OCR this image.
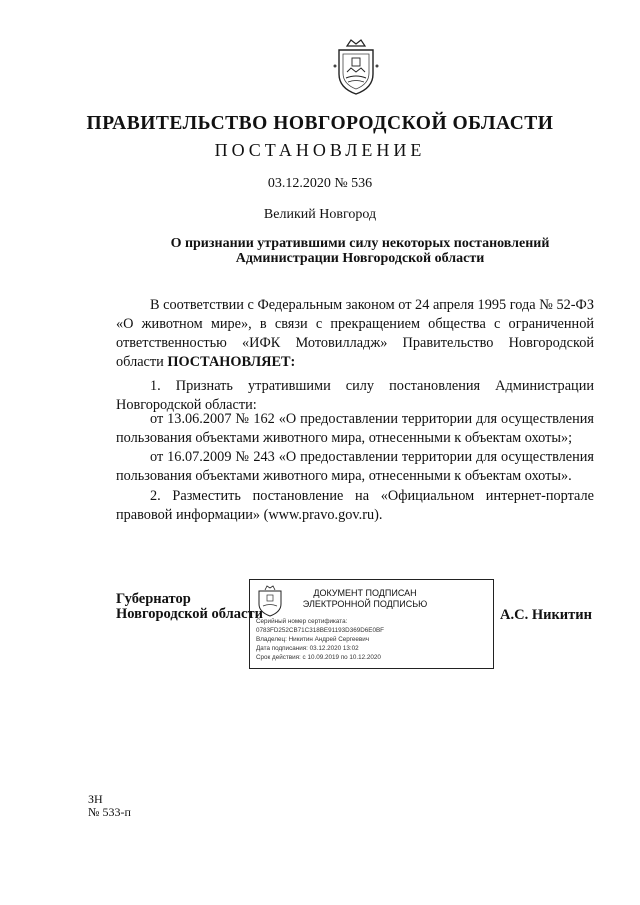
ПРАВИТЕЛЬСТВО НОВГОРОДСКОЙ ОБЛАСТИ
ПОСТАНОВЛЕНИЕ
03.12.2020 № 536
Великий Новгород
О признании утратившими силу некоторых постановлений
Администрации Новгородской области

В соответствии с Федеральным законом от 24 апреля 1995 года № 52-ФЗ «О животном мире», в связи с прекращением общества с ограниченной ответственностью «ИФК Мотовилладж» Правительство Новгородской области ПОСТАНОВЛЯЕТ:

1. Признать утратившими силу постановления Администрации Новгородской области:

от 13.06.2007 № 162 «О предоставлении территории для осуществления пользования объектами животного мира, отнесенными к объектам охоты»;

от 16.07.2009 № 243 «О предоставлении территории для осуществления пользования объектами животного мира, отнесенными к объектам охоты».

2. Разместить постановление на «Официальном интернет-портале правовой информации» (www.pravo.gov.ru).

Губернатор
Новгородской области
ДОКУМЕНТ ПОДПИСАН
ЭЛЕКТРОННОЙ ПОДПИСЬЮ
Серийный номер сертификата:
0783FD252CB71C318BE91193D369D6E0BF
Владелец: Никитин Андрей Сергеевич
Дата подписания: 03.12.2020 13:02
Срок действия: с 10.09.2019 по 10.12.2020
А.С. Никитин
ЗН
№ 533-п
